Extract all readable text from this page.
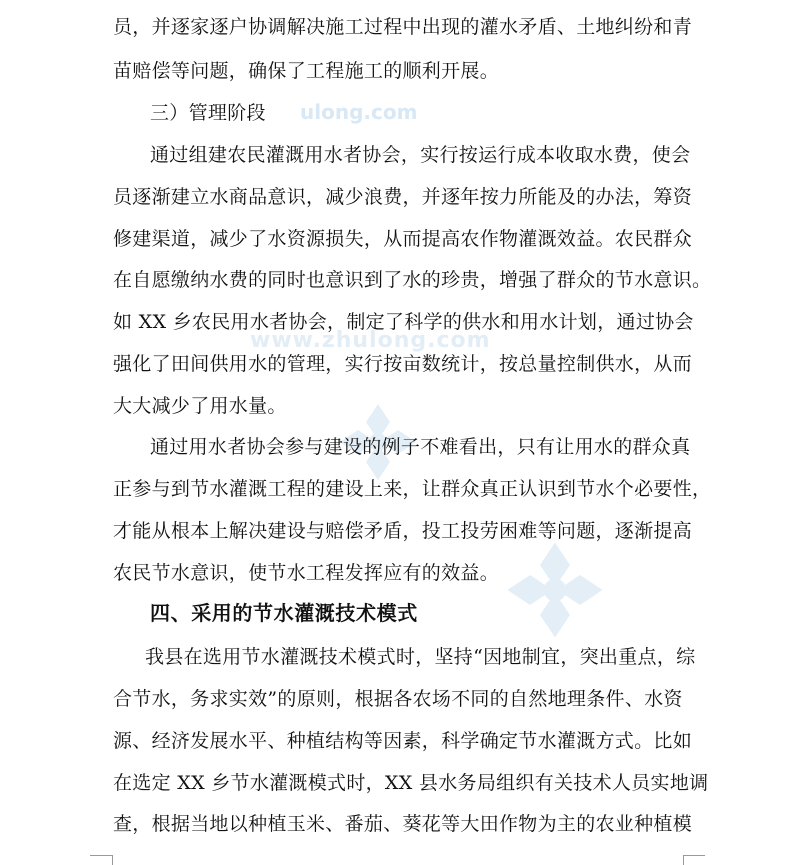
ulong.com
www.zhulong.com
员，并逐家逐户协调解决施工过程中出现的灌水矛盾、土地纠纷和青
苗赔偿等问题，确保了工程施工的顺利开展。
三）管理阶段
通过组建农民灌溉用水者协会，实行按运行成本收取水费，使会
员逐渐建立水商品意识，减少浪费，并逐年按力所能及的办法，筹资
修建渠道，减少了水资源损失，从而提高农作物灌溉效益。农民群众
在自愿缴纳水费的同时也意识到了水的珍贵，增强了群众的节水意识。
如 XX 乡农民用水者协会，制定了科学的供水和用水计划，通过协会
强化了田间供用水的管理，实行按亩数统计，按总量控制供水，从而
大大减少了用水量。
通过用水者协会参与建设的例子不难看出，只有让用水的群众真
正参与到节水灌溉工程的建设上来，让群众真正认识到节水个必要性，
才能从根本上解决建设与赔偿矛盾，投工投劳困难等问题，逐渐提高
农民节水意识，使节水工程发挥应有的效益。
四、采用的节水灌溉技术模式
我县在选用节水灌溉技术模式时，坚持“因地制宜，突出重点，综
合节水，务求实效”的原则，根据各农场不同的自然地理条件、水资
源、经济发展水平、种植结构等因素，科学确定节水灌溉方式。比如
在选定 XX 乡节水灌溉模式时，XX 县水务局组织有关技术人员实地调
查，根据当地以种植玉米、番茄、葵花等大田作物为主的农业种植模
